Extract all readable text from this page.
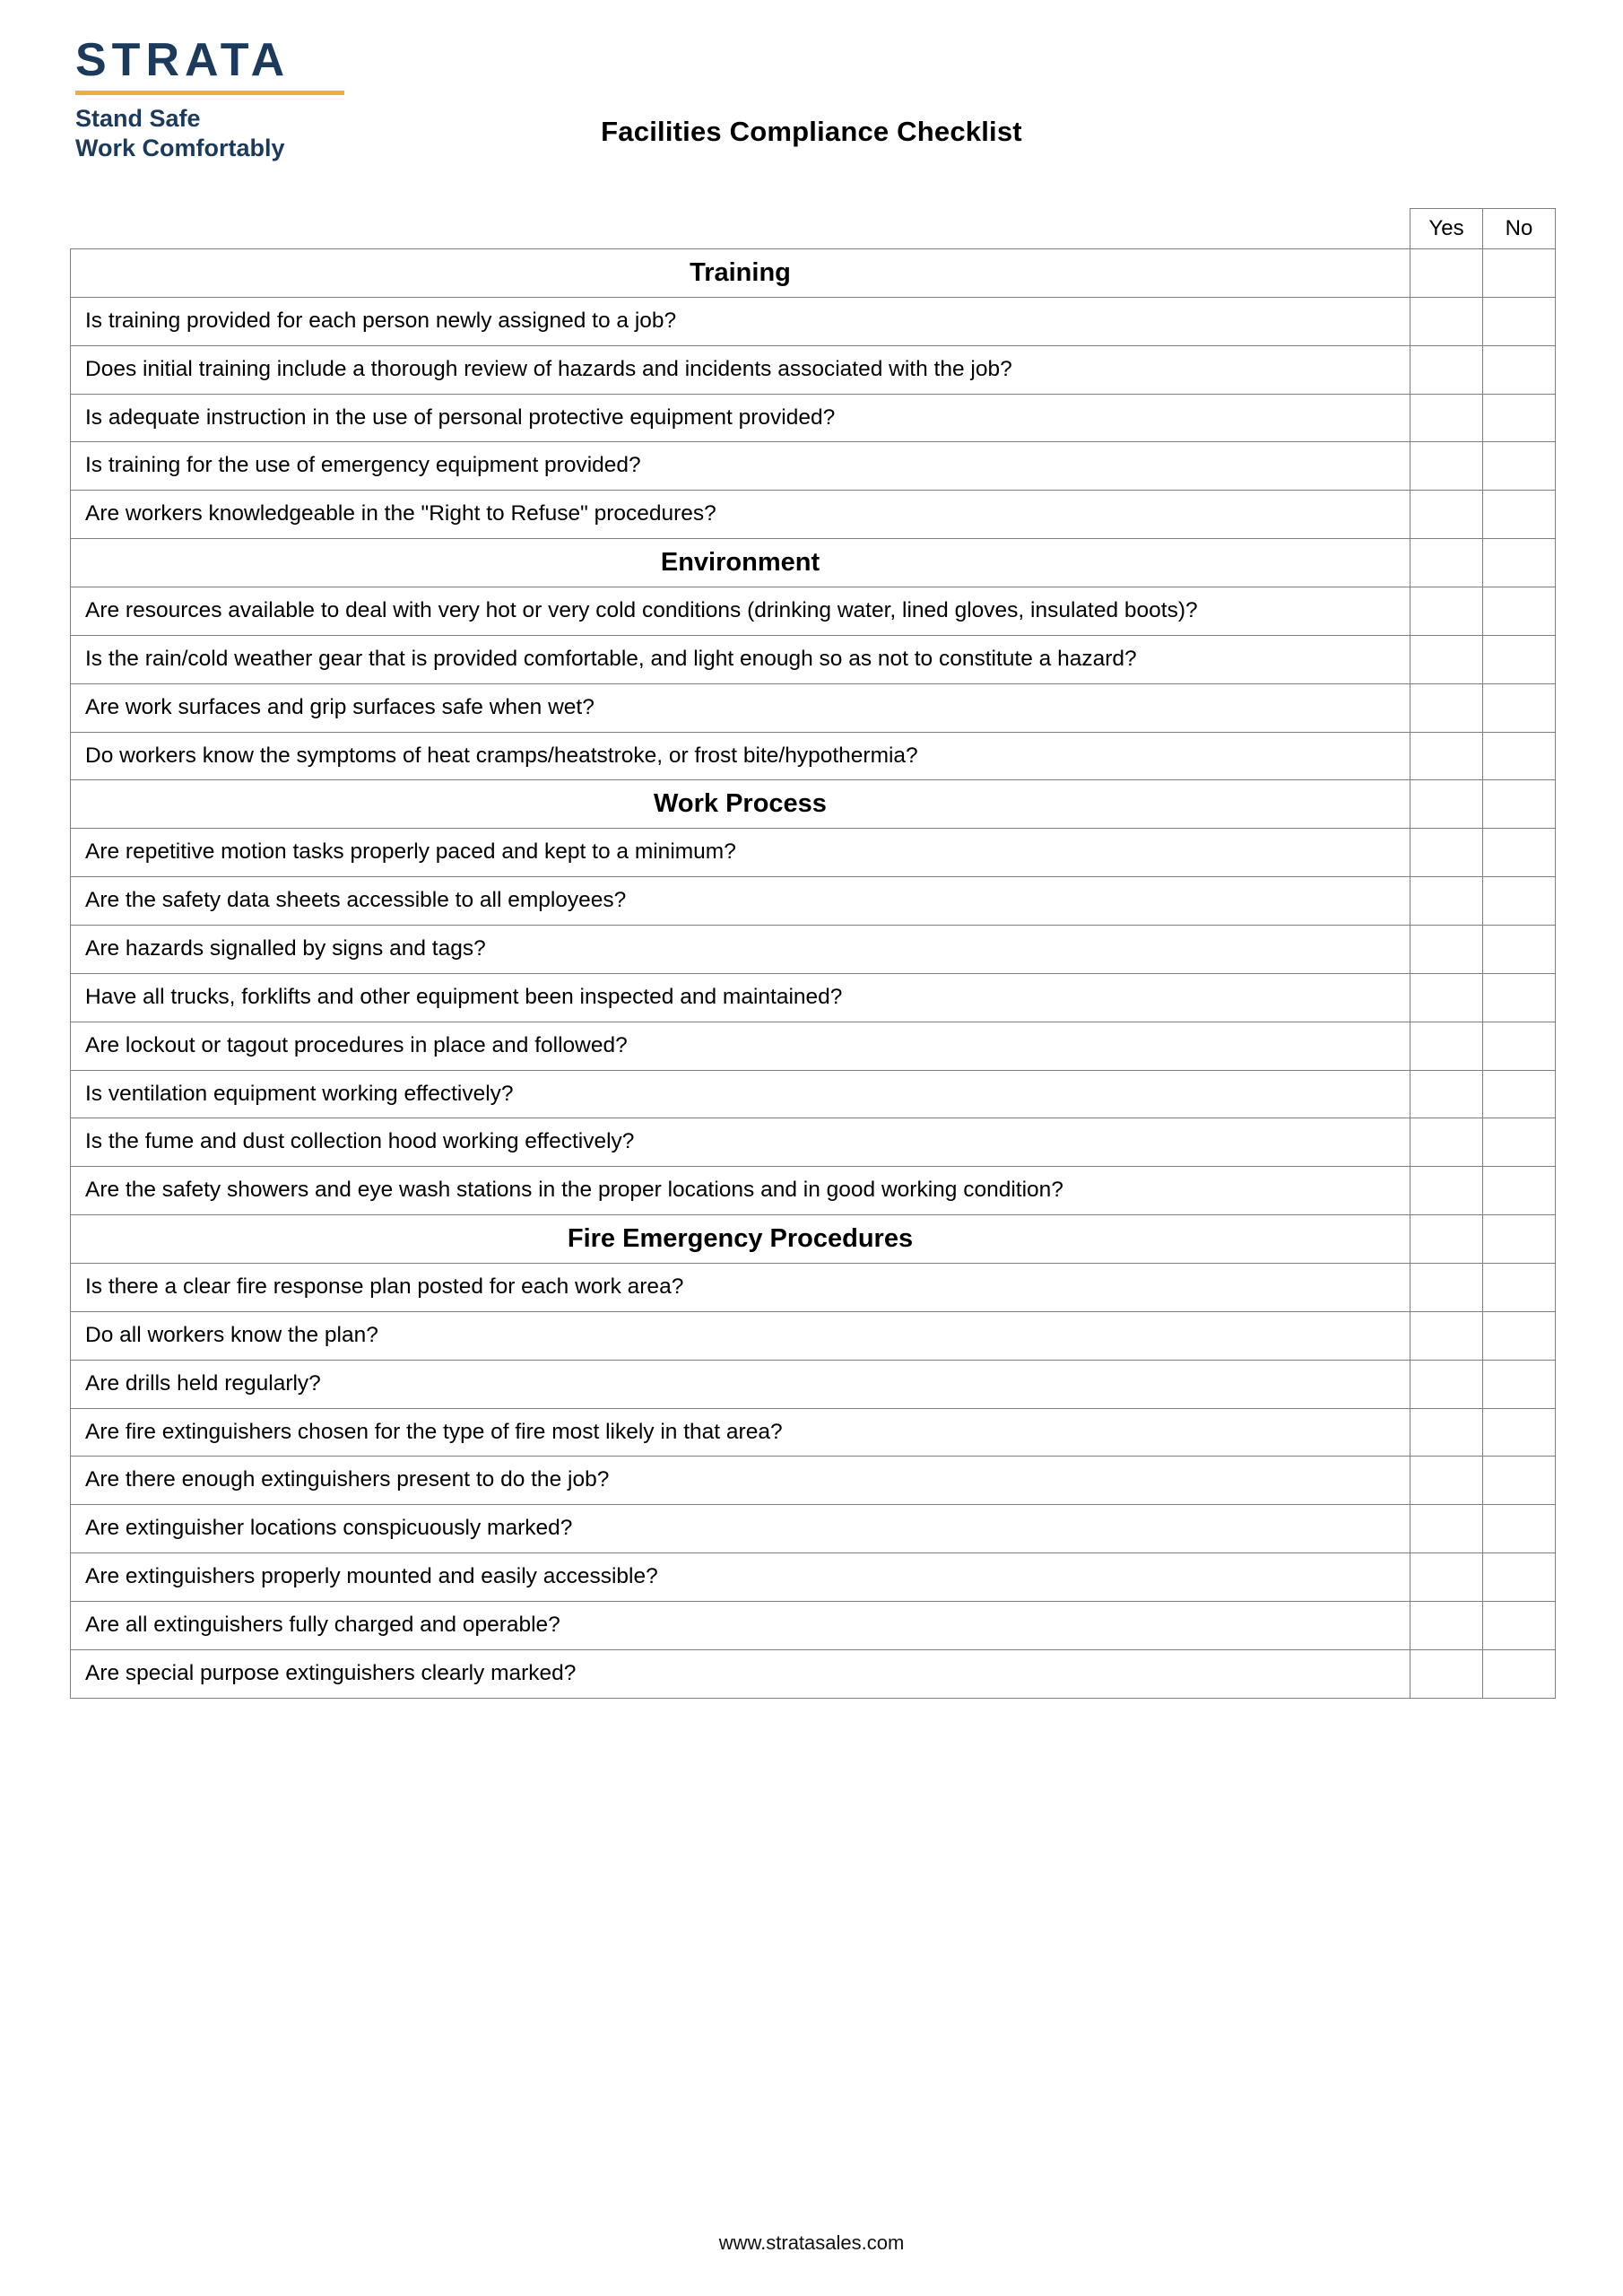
STRATA
Stand Safe
Work Comfortably
Facilities Compliance Checklist
	Yes	No
Training		
Is training provided for each person newly assigned to a job?		
Does initial training include a thorough review of hazards and incidents associated with the job?		
Is adequate instruction in the use of personal protective equipment provided?		
Is training for the use of emergency equipment provided?		
Are workers knowledgeable in the "Right to Refuse" procedures?		
Environment		
Are resources available to deal with very hot or very cold conditions (drinking water, lined gloves, insulated boots)?		
Is the rain/cold weather gear that is provided comfortable, and light enough so as not to constitute a hazard?		
Are work surfaces and grip surfaces safe when wet?		
Do workers know the symptoms of heat cramps/heatstroke, or frost bite/hypothermia?		
Work Process		
Are repetitive motion tasks properly paced and kept to a minimum?		
Are the safety data sheets accessible to all employees?		
Are hazards signalled by signs and tags?		
Have all trucks, forklifts and other equipment been inspected and maintained?		
Are lockout or tagout procedures in place and followed?		
Is ventilation equipment working effectively?		
Is the fume and dust collection hood working effectively?		
Are the safety showers and eye wash stations in the proper locations and in good working condition?		
Fire Emergency Procedures		
Is there a clear fire response plan posted for each work area?		
Do all workers know the plan?		
Are drills held regularly?		
Are fire extinguishers chosen for the type of fire most likely in that area?		
Are there enough extinguishers present to do the job?		
Are extinguisher locations conspicuously marked?		
Are extinguishers properly mounted and easily accessible?		
Are all extinguishers fully charged and operable?		
Are special purpose extinguishers clearly marked?		
www.stratasales.com
